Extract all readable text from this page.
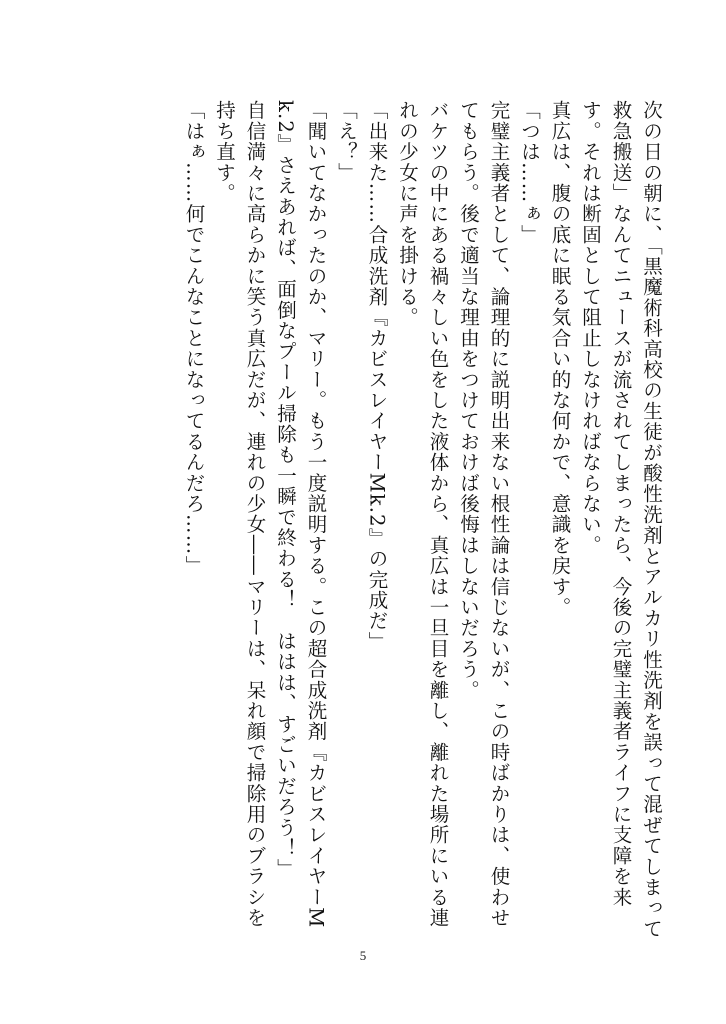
次の日の朝に、「黒魔術科高校の生徒が酸性洗剤とアルカリ性洗剤を誤って混ぜてしまって救急搬送」なんてニュースが流されてしまったら、今後の完璧主義者ライフに支障を来す。それは断固として阻止しなければならない。

真広は、腹の底に眠る気合い的な何かで、意識を戻す。

「つは……ぁ」

完璧主義者として、論理的に説明出来ない根性論は信じないが、この時ばかりは、使わせてもらう。後で適当な理由をつけておけば後悔はしないだろう。

バケツの中にある禍々しい色をした液体から、真広は一旦目を離し、離れた場所にいる連れの少女に声を掛ける。

「出来た……合成洗剤『カビスレイヤーMk.2』の完成だ」

「え？」

「聞いてなかったのか、マリー。もう一度説明する。この超合成洗剤『カビスレイヤーMk.2』さえあれば、面倒なプール掃除も一瞬で終わる！　ははは、すごいだろう！」

自信満々に高らかに笑う真広だが、連れの少女――マリーは、呆れ顔で掃除用のブラシを持ち直す。

「はぁ……何でこんなことになってるんだろ……」

5
